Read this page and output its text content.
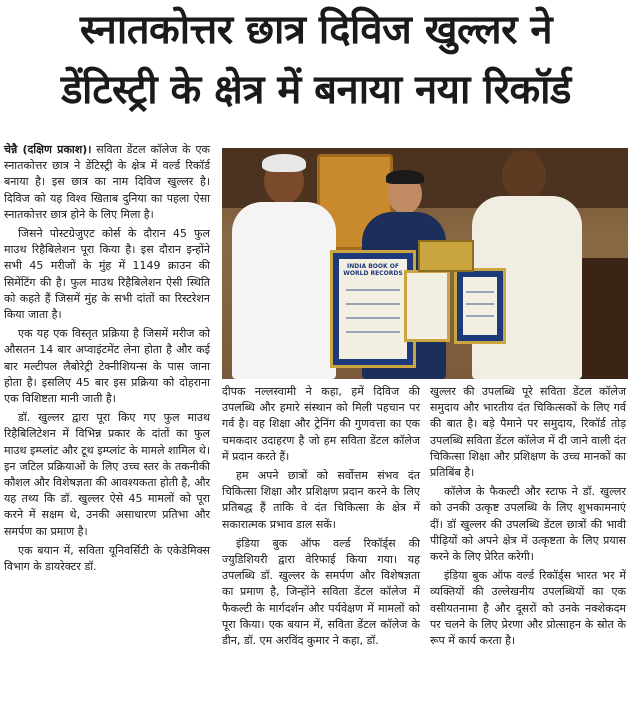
स्नातकोत्तर छात्र दिविज खुल्लर ने
डेंटिस्ट्री के क्षेत्र में बनाया नया रिकॉर्ड

चेन्नै (दक्षिण प्रकाश)। सविता डेंटल कॉलेज के एक स्नातकोत्तर छात्र ने डेंटिस्ट्री के क्षेत्र में वर्ल्ड रिकॉर्ड बनाया है। इस छात्र का नाम दिविज खुल्लर है। दिविज को यह विश्व खिताब दुनिया का पहला ऐसा स्नातकोत्तर छात्र होने के लिए मिला है।

जिसने पोस्टग्रेजुएट कोर्स के दौरान 45 फुल माउथ रिहैबिलेशन पूरा किया है। इस दौरान इन्होंने सभी 45 मरीजों के मुंह में 1149 क्राउन की सिमेंटिंग की है। फुल माउथ रिहैबिलेशन ऐसी स्थिति को कहते हैं जिसमें मुंह के सभी दांतों का रिस्टरेशन किया जाता है।

एक यह एक विस्तृत प्रक्रिया है जिसमें मरीज को औसतन 14 बार अप्वाइंटमेंट लेना होता है और कई बार मल्टीपल लैबोरेट्री टेक्नीशियन्स के पास जाना होता है। इसलिए 45 बार इस प्रक्रिया को दोहराना एक विशिष्टता मानी जाती है।

डॉ. खुल्लर द्वारा पूरा किए गए फुल माउथ रिहैबिलिटेशन में विभिन्न प्रकार के दांतों का फुल माउथ इम्प्लांट और टूथ इम्प्लांट के मामले शामिल थे। इन जटिल प्रक्रियाओं के लिए उच्च स्तर के तकनीकी कौशल और विशेषज्ञता की आवश्यकता होती है, और यह तथ्य कि डॉ. खुल्लर ऐसे 45 मामलों को पूरा करने में सक्षम थे, उनकी असाधारण प्रतिभा और समर्पण का प्रमाण है।

एक बयान में, सविता यूनिवर्सिटी के एकेडेमिक्स विभाग के डायरेक्टर डॉ.

INDIA BOOK OF WORLD RECORDS

दीपक नल्लस्वामी ने कहा, हमें दिविज की उपलब्धि और हमारे संस्थान को मिली पहचान पर गर्व है। वह शिक्षा और ट्रेनिंग की गुणवत्ता का एक चमकदार उदाहरण है जो हम सविता डेंटल कॉलेज में प्रदान करते हैं।

हम अपने छात्रों को सर्वोत्तम संभव दंत चिकित्सा शिक्षा और प्रशिक्षण प्रदान करने के लिए प्रतिबद्ध हैं ताकि वे दंत चिकित्सा के क्षेत्र में सकारात्मक प्रभाव डाल सकें।

इंडिया बुक ऑफ वर्ल्ड रिकॉर्ड्स की ज्युडिशियरी द्वारा वेरिफाई किया गया। यह उपलब्धि डॉ. खुल्लर के समर्पण और विशेषज्ञता का प्रमाण है, जिन्होंने सविता डेंटल कॉलेज में फैकल्टी के मार्गदर्शन और पर्यवेक्षण में मामलों को पूरा किया। एक बयान में, सविता डेंटल कॉलेज के डीन, डॉ. एम अरविंद कुमार ने कहा, डॉ.

खुल्लर की उपलब्धि पूरे सविता डेंटल कॉलेज समुदाय और भारतीय दंत चिकित्सकों के लिए गर्व की बात है। बड़े पैमाने पर समुदाय, रिकॉर्ड तोड़ उपलब्धि सविता डेंटल कॉलेज में दी जाने वाली दंत चिकित्सा शिक्षा और प्रशिक्षण के उच्च मानकों का प्रतिबिंब है।

कॉलेज के फैकल्टी और स्टाफ ने डॉ. खुल्लर को उनकी उत्कृष्ट उपलब्धि के लिए शुभकामनाएं दीं। डॉ खुल्लर की उपलब्धि डेंटल छात्रों की भावी पीढ़ियों को अपने क्षेत्र में उत्कृष्टता के लिए प्रयास करने के लिए प्रेरित करेगी।

इंडिया बुक ऑफ वर्ल्ड रिकॉर्ड्स भारत भर में व्यक्तियों की उल्लेखनीय उपलब्धियों का एक वसीयतनामा है और दूसरों को उनके नक्शेकदम पर चलने के लिए प्रेरणा और प्रोत्साहन के स्रोत के रूप में कार्य करता है।
